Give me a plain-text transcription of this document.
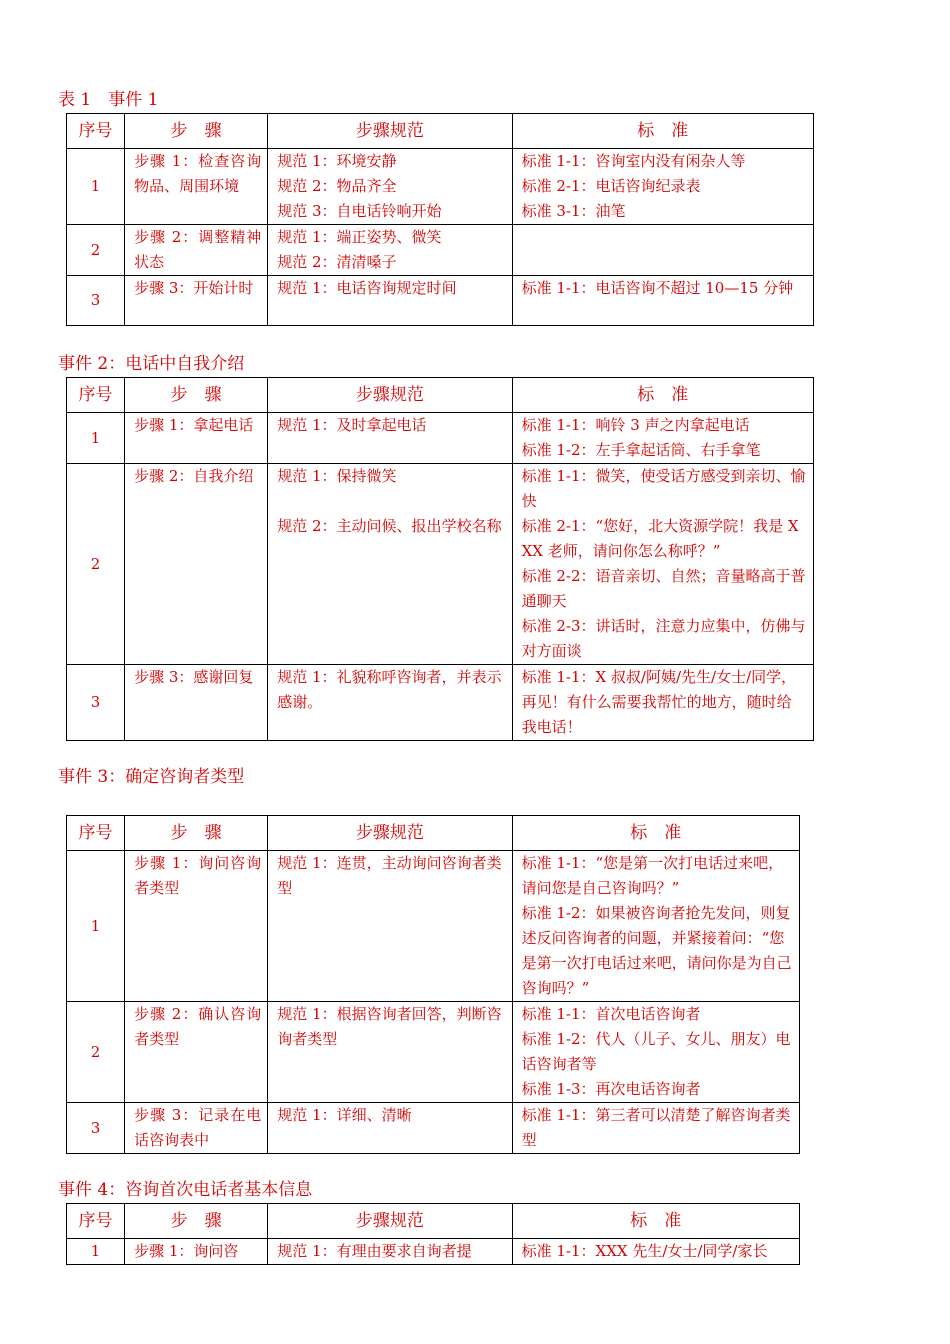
表 1　事件 1
序号	步　骤	步骤规范	标　准
1	步骤 1：检查咨询物品、周围环境	规范 1：环境安静
规范 2：物品齐全
规范 3：自电话铃响开始	标准 1-1：咨询室内没有闲杂人等
标准 2-1：电话咨询纪录表
标准 3-1：油笔

2	步骤 2：调整精神状态	规范 1：端正姿势、微笑
规范 2：清清嗓子	

3	步骤 3：开始计时	规范 1：电话咨询规定时间	标准 1-1：电话咨询不超过 10—15 分钟
事件 2：电话中自我介绍
序号	步　骤	步骤规范	标　准
1	步骤 1：拿起电话	规范 1：及时拿起电话	标准 1-1：响铃 3 声之内拿起电话
标准 1-2：左手拿起话筒、右手拿笔

2	步骤 2：自我介绍	规范 1：保持微笑
规范 2：主动问候、报出学校名称	标准 1-1：微笑，使受话方感受到亲切、愉快
标准 2-1：“您好，北大资源学院！我是 XXX 老师，请问你怎么称呼？”
标准 2-2：语音亲切、自然；音量略高于普通聊天
标准 2-3：讲话时，注意力应集中，仿佛与对方面谈

3	步骤 3：感谢回复	规范 1：礼貌称呼咨询者，并表示感谢。	标准 1-1：X 叔叔/阿姨/先生/女士/同学，再见！有什么需要我帮忙的地方，随时给我电话！
事件 3：确定咨询者类型
序号	步　骤	步骤规范	标　准
1	步骤 1：询问咨询者类型	规范 1：连贯，主动询问咨询者类型	标准 1-1：“您是第一次打电话过来吧，请问您是自己咨询吗？”
标准 1-2：如果被咨询者抢先发问，则复述反问咨询者的问题，并紧接着问：“您是第一次打电话过来吧，请问你是为自己咨询吗？”

2	步骤 2：确认咨询者类型	规范 1：根据咨询者回答，判断咨询者类型	标准 1-1：首次电话咨询者
标准 1-2：代人（儿子、女儿、朋友）电话咨询者等
标准 1-3：再次电话咨询者

3	步骤 3：记录在电话咨询表中	规范 1：详细、清晰	标准 1-1：第三者可以清楚了解咨询者类型
事件 4：咨询首次电话者基本信息
序号	步　骤	步骤规范	标　准
1	步骤 1：询问咨	规范 1：有理由要求自询者提	标准 1-1：XXX 先生/女士/同学/家长
